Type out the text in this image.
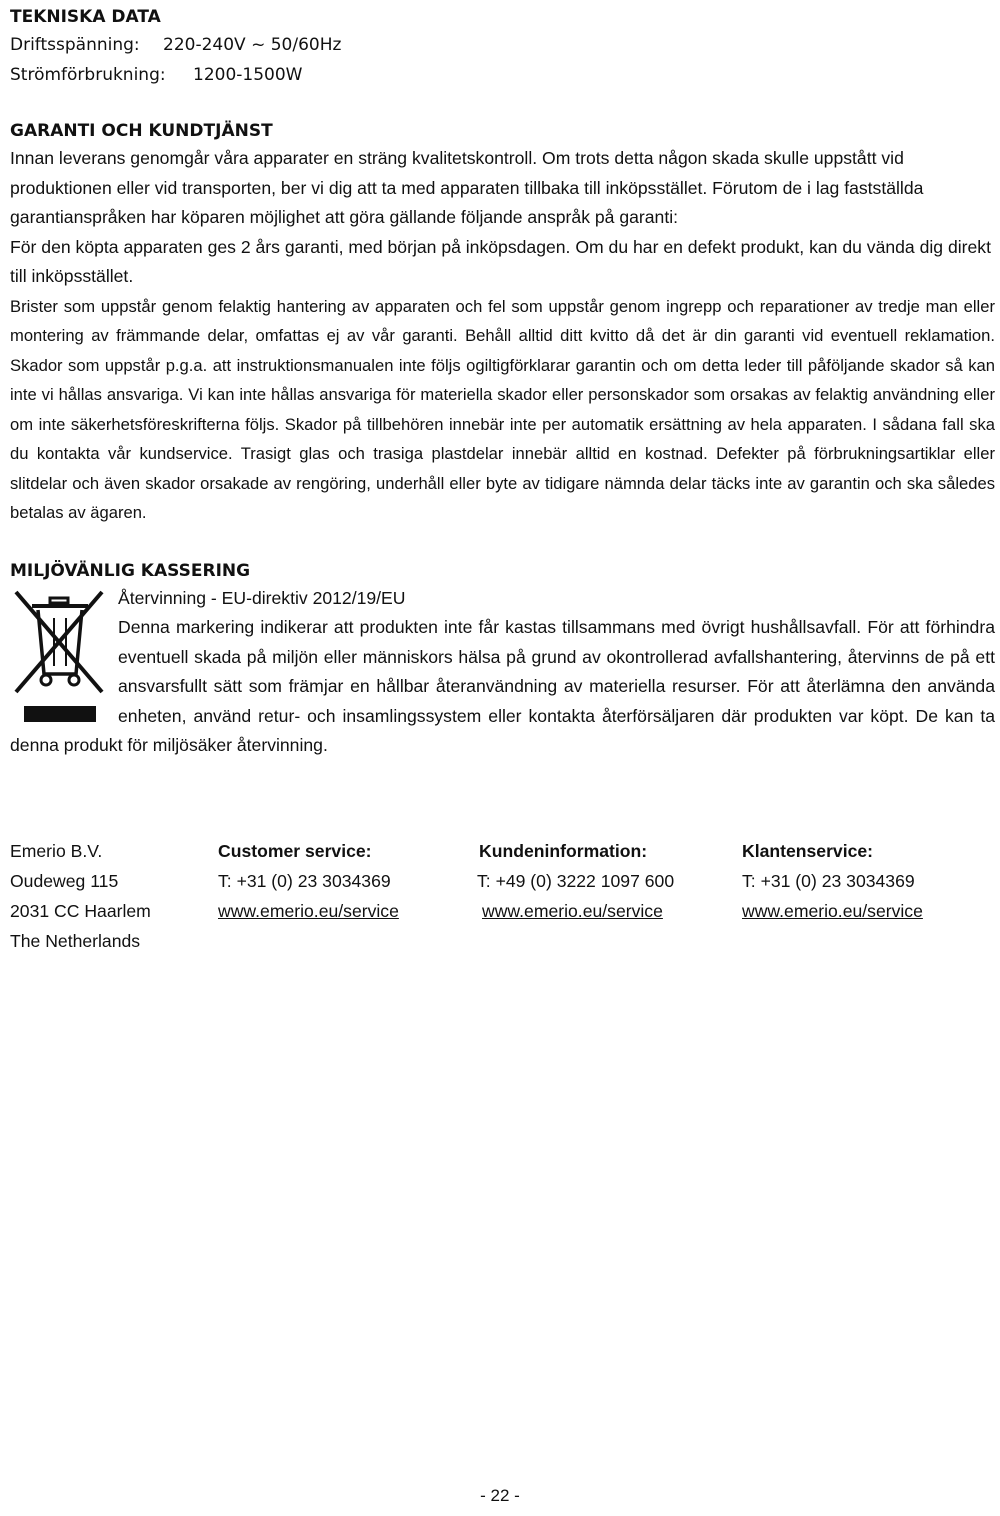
TEKNISKA DATA
Driftsspänning:	220-240V ~ 50/60Hz
Strömförbrukning:	1200-1500W
GARANTI OCH KUNDTJÄNST

Innan leverans genomgår våra apparater en sträng kvalitetskontroll. Om trots detta någon skada skulle uppstått vid produktionen eller vid transporten, ber vi dig att ta med apparaten tillbaka till inköpsstället. Förutom de i lag fastställda garantianspråken har köparen möjlighet att göra gällande följande anspråk på garanti:

För den köpta apparaten ges 2 års garanti, med början på inköpsdagen. Om du har en defekt produkt, kan du vända dig direkt till inköpsstället.

Brister som uppstår genom felaktig hantering av apparaten och fel som uppstår genom ingrepp och reparationer av tredje man eller montering av främmande delar, omfattas ej av vår garanti. Behåll alltid ditt kvitto då det är din garanti vid eventuell reklamation. Skador som uppstår p.g.a. att instruktionsmanualen inte följs ogiltigförklarar garantin och om detta leder till påföljande skador så kan inte vi hållas ansvariga. Vi kan inte hållas ansvariga för materiella skador eller personskador som orsakas av felaktig användning eller om inte säkerhetsföreskrifterna följs. Skador på tillbehören innebär inte per automatik ersättning av hela apparaten. I sådana fall ska du kontakta vår kundservice. Trasigt glas och trasiga plastdelar innebär alltid en kostnad. Defekter på förbrukningsartiklar eller slitdelar och även skador orsakade av rengöring, underhåll eller byte av tidigare nämnda delar täcks inte av garantin och ska således betalas av ägaren.

MILJÖVÄNLIG KASSERING
Återvinning - EU-direktiv 2012/19/EU
Denna markering indikerar att produkten inte får kastas tillsammans med övrigt hushållsavfall. För att förhindra eventuell skada på miljön eller människors hälsa på grund av okontrollerad avfallshantering, återvinns de på ett ansvarsfullt sätt som främjar en hållbar återanvändning av materiella resurser. För att återlämna den använda enheten, använd retur- och insamlingssystem eller kontakta återförsäljaren där produkten var köpt. De kan ta denna produkt för miljösäker återvinning.
Emerio B.V.
Oudeweg 115
2031 CC Haarlem
The Netherlands
Customer service:
T: +31 (0) 23 3034369
www.emerio.eu/service
Kundeninformation:
T: +49 (0) 3222 1097 600
www.emerio.eu/service
Klantenservice:
T: +31 (0) 23 3034369
www.emerio.eu/service
- 22 -
